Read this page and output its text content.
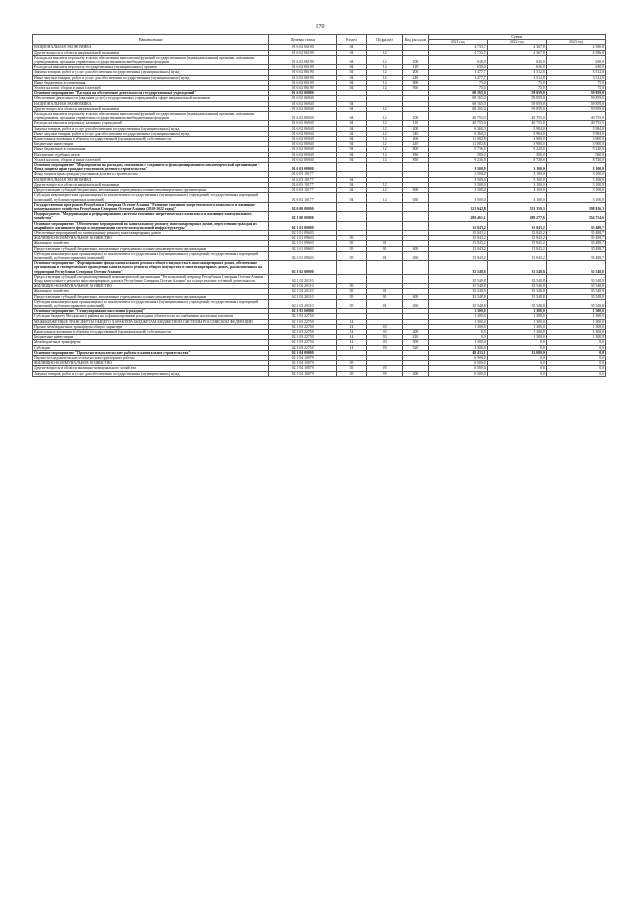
170
Наименование	Целевая статья	Раздел	Подраздел	Вид расходов	Сумма		
					2021 год	2022 год	2023 год
НАЦИОНАЛЬНАЯ ЭКОНОМИКА	01 6 02 06190	04			4 733,7	4 367,8	4 396,8
Другие вопросы в области национальной экономики	01 6 02 06190	04	12		4 733,7	4 367,8	4 396,8
Расходы на выплаты персоналу в целях обеспечения выполнения функций государственными (муниципальными) органами, казенными учреждениями, органами управления государственными внебюджетными фондами	01 6 02 06190	04	12	100	630,0	630,0	630,0
Расходы на выплаты персоналу государственных (муниципальных) органов	01 6 02 06190	04	12	120	630,0	630,0	630,0
Закупка товаров, работ и услуг для обеспечения государственных (муниципальных) нужд	01 6 02 06190	04	12	200	3 477,7	3 512,8	3 512,8
Иные закупки товаров, работ и услуг для обеспечения государственных (муниципальных) нужд	01 6 02 06190	04	12	240	3 477,7	3 512,8	3 512,8
Иные бюджетные ассигнования	01 6 02 06190	04	12	800	75,0	75,0	75,0
Уплата налогов, сборов и иных платежей	01 6 02 06190	04	12	850	75,0	75,0	75,0
Основное мероприятие "Расходы на обеспечение деятельности государственных учреждений"	01 6 02 00000				68 165,0	59 859,0	59 859,0
Обеспечение деятельности (оказание услуг) государственных учреждений в сфере национальной экономики	01 6 02 06940				68 165,0	59 859,0	59 859,0
НАЦИОНАЛЬНАЯ ЭКОНОМИКА	01 6 02 06940	04			68 165,0	59 859,0	59 859,0
Другие вопросы в области национальной экономики	01 6 02 06940	04	12		68 165,0	59 859,0	59 859,0
Расходы на выплаты персоналу в целях обеспечения выполнения функций государственными (муниципальными) органами, казенными учреждениями, органами управления государственными внебюджетными фондами	01 6 02 06940	04	12	100	40 755,0	40 755,0	40 755,0
Расходы на выплаты персоналу казенных учреждений	01 6 02 06940	04	12	110	40 755,0	40 755,0	40 755,0
Закупка товаров, работ и услуг для обеспечения государственных (муниципальных) нужд	01 6 02 06940	04	12	200	6 360,3	5 984,0	5 984,0
Иные закупки товаров, работ и услуг для обеспечения государственных (муниципальных) нужд	01 6 02 06940	04	12	240	6 360,3	5 984,0	5 984,0
Капитальные вложения в объекты государственной (муниципальной) собственности	01 6 02 06940	04	12	400	11 082,8	3 900,0	3 900,0
Бюджетные инвестиции	01 6 02 06940	04	12	410	11 082,8	3 900,0	3 900,0
Иные бюджетные ассигнования	01 6 02 06940	04	12	800	9 736,9	9 220,0	9 220,0
Исполнение судебных актов	01 6 02 06940	04	12	830	500,0	500,0	500,0
Уплата налогов, сборов и иных платежей	01 6 02 06940	04	12	850	9 236,9	8 720,0	8 720,0
Основное мероприятие "Мероприятия по расходам, связанным с созданием и функционированием некоммерческой организации - Фонд защиты прав граждан-участников долевого строительства"	01 6 03 00000				3 500,0	3 100,0	3 100,0
Фонд защиты прав граждан-участников долевого строительства	01 6 03 10177				3 500,0	3 100,0	3 100,0
НАЦИОНАЛЬНАЯ ЭКОНОМИКА	01 6 03 10177	04			3 500,0	3 100,0	3 100,0
Другие вопросы в области национальной экономики	01 6 03 10177	04	12		3 500,0	3 100,0	3 100,0
Предоставление субсидий бюджетным, автономным учреждениям и иным некоммерческим организациям	01 6 03 10177	04	12	600	3 500,0	3 100,0	3 100,0
Субсидии некоммерческим организациям (за исключением государственных (муниципальных) учреждений, государственных корпораций (компаний), публично-правовых компаний)	01 6 03 10177	04	12	630	3 500,0	3 100,0	3 100,0
Государственная программа Республики Северная Осетия-Алания "Развитие топливно-энергетического комплекса и жилищно-коммунального хозяйства Республики Северная Осетия-Алания (2020-2022 годы)"	02 0 00 00000				323 042,8	333 359,3	398 816,3
Подпрограмма "Модернизация и реформирование системы топливно-энергетического комплекса и жилищно-коммунального хозяйства"	02 1 00 00000				280 461,1	289 277,6	354 734,6
Основное мероприятие "Обеспечение мероприятий по капитальному ремонту многоквартирных домов, переселению граждан из аварийного жилищного фонда и модернизации систем коммунальной инфраструктуры"	02 1 01 00000				15 843,2	15 843,2	35 488,7
Обеспечение мероприятий по капитальному ремонту многоквартирных домов	02 1 01 09603				15 843,2	15 843,2	35 488,7
ЖИЛИЩНО-КОММУНАЛЬНОЕ ХОЗЯЙСТВО	02 1 01 09603	05			15 843,2	15 843,2	35 488,7
Жилищное хозяйство	02 1 01 09603	05	01		15 843,2	15 843,2	35 488,7
Предоставление субсидий бюджетным, автономным учреждениям и иным некоммерческим организациям	02 1 01 09603	05	01	600	15 843,2	15 843,2	35 488,7
Субсидии некоммерческим организациям (за исключением государственных (муниципальных) учреждений, государственных корпораций (компаний), публично-правовых компаний)	02 1 01 09603	05	01	630	15 843,2	15 843,2	35 488,7
Основное мероприятие "Формирование фонда капитального ремонта общего имущества в многоквартирных домах, обеспечение организации и своевременного проведения капитального ремонта общего имущества в многоквартирных домах, расположенных на территории Республики Северная Осетия-Алания"	02 1 02 00000				35 548,8	35 548,8	35 548,8
Предоставление субсидий специализированной некоммерческой организации "Региональный оператор Республики Северная Осетия-Алания - Фонд капитального ремонта многоквартирных домов в Республике Северная Осетия-Алания" на осуществление уставной деятельности	02 1 02 20110				35 548,8	35 548,8	35 548,8
ЖИЛИЩНО-КОММУНАЛЬНОЕ ХОЗЯЙСТВО	02 1 02 20110	05			35 548,8	35 548,8	35 548,8
Жилищное хозяйство	02 1 02 20110	05	01		35 548,8	35 548,8	35 548,8
Предоставление субсидий бюджетным, автономным учреждениям и иным некоммерческим организациям	02 1 02 20110	05	01	600	35 548,8	35 548,8	35 548,8
Субсидии некоммерческим организациям (за исключением государственных (муниципальных) учреждений, государственных корпораций (компаний), публично-правовых компаний)	02 1 02 20110	05	01	630	35 548,8	35 548,8	35 548,8
Основное мероприятие "Стимулирование населения (граждан)"	02 1 03 00000				1 300,0	1 300,0	1 300,0
Субсидии бюджету Моздокского района на софинансирование расходных обязательств по снабжению населения топливом	02 1 03 22750				1 300,0	1 300,0	1 300,0
МЕЖБЮДЖЕТНЫЕ ТРАНСФЕРТЫ ОБЩЕГО ХАРАКТЕРА БЮДЖЕТАМ БЮДЖЕТНОЙ СИСТЕМЫ РОССИЙСКОЙ ФЕДЕРАЦИИ	02 1 03 22750	14			1 300,0	1 300,0	1 300,0
Прочие межбюджетные трансферты общего характера	02 1 03 22750	14	03		1 300,0	1 300,0	1 300,0
Капитальные вложения в объекты государственной (муниципальной) собственности	02 1 03 22750	14	03	400	0,0	1 300,0	1 300,0
Бюджетные инвестиции	02 1 03 22750	14	03	410	0,0	1 300,0	1 300,0
Межбюджетные трансферты	02 1 03 22750	14	03	500	1 300,0	0,0	0,0
Субсидии	02 1 03 22750	14	03	520	1 300,0	0,0	0,0
Основное мероприятие "Проектно-изыскательские работы и капитальное строительство"	02 1 04 00000				48 433,1	15 000,0	0,0
Научно-исследовательские и опытно-конструкторские работы	02 1 04 10079				6 500,0	0,0	0,0
ЖИЛИЩНО-КОММУНАЛЬНОЕ ХОЗЯЙСТВО	02 1 04 10079	05			6 500,0	0,0	0,0
Другие вопросы в области жилищно-коммунального хозяйства	02 1 04 10079	05	05		6 500,0	0,0	0,0
Закупка товаров, работ и услуг для обеспечения государственных (муниципальных) нужд	02 1 04 10079	05	05	200	6 500,0	0,0	0,0
